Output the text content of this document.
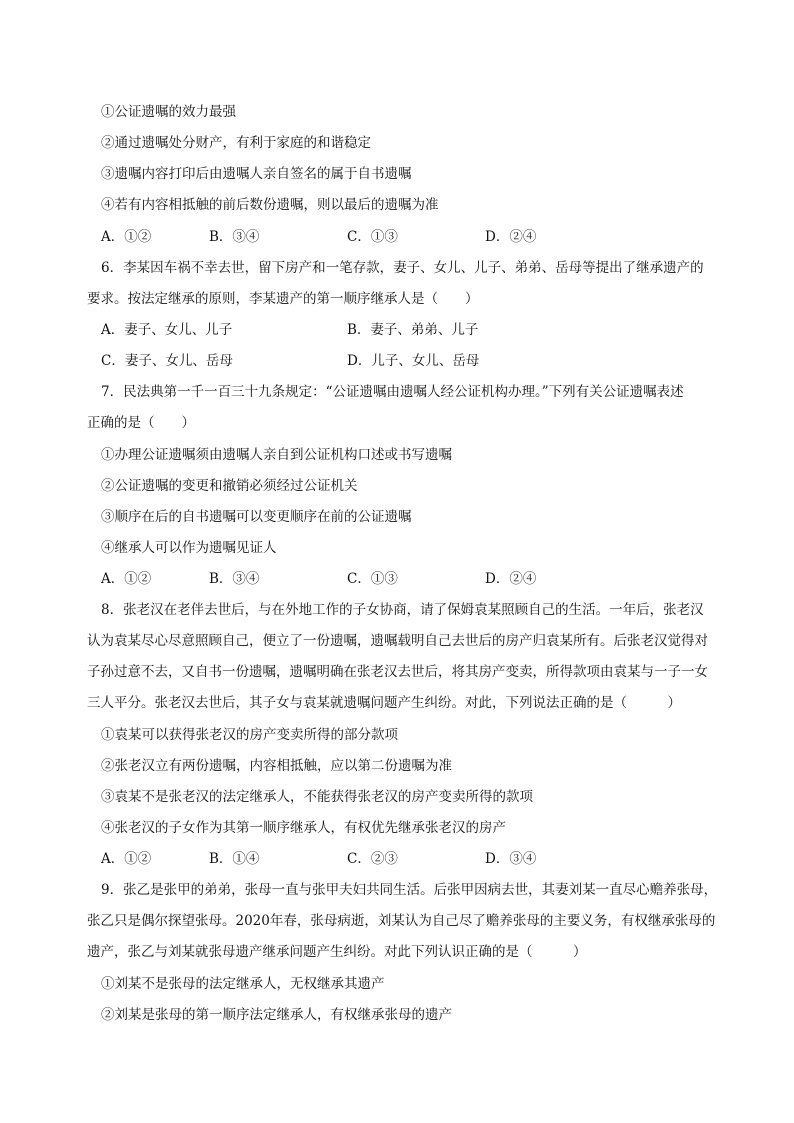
①公证遗嘱的效力最强
②通过遗嘱处分财产，有利于家庭的和谐稳定
③遗嘱内容打印后由遗嘱人亲自签名的属于自书遗嘱
④若有内容相抵触的前后数份遗嘱，则以最后的遗嘱为准
A．①②	B．③④	C．①③	D．②④
6．李某因车祸不幸去世，留下房产和一笔存款，妻子、女儿、儿子、弟弟、岳母等提出了继承遗产的
要求。按法定继承的原则，李某遗产的第一顺序继承人是（　　）
A．妻子、女儿、儿子	B．妻子、弟弟、儿子
C．妻子、女儿、岳母	D．儿子、女儿、岳母
7．民法典第一千一百三十九条规定：“公证遗嘱由遗嘱人经公证机构办理。”下列有关公证遗嘱表述
正确的是（　　）
①办理公证遗嘱须由遗嘱人亲自到公证机构口述或书写遗嘱
②公证遗嘱的变更和撤销必须经过公证机关
③顺序在后的自书遗嘱可以变更顺序在前的公证遗嘱
④继承人可以作为遗嘱见证人
A．①②	B．③④	C．①③	D．②④
8．张老汉在老伴去世后，与在外地工作的子女协商，请了保姆袁某照顾自己的生活。一年后，张老汉
认为袁某尽心尽意照顾自己，便立了一份遗嘱，遗嘱载明自己去世后的房产归袁某所有。后张老汉觉得对
子孙过意不去，又自书一份遗嘱，遗嘱明确在张老汉去世后，将其房产变卖，所得款项由袁某与一子一女
三人平分。张老汉去世后，其子女与袁某就遗嘱问题产生纠纷。对此，下列说法正确的是（　　　）
①袁某可以获得张老汉的房产变卖所得的部分款项
②张老汉立有两份遗嘱，内容相抵触，应以第二份遗嘱为准
③袁某不是张老汉的法定继承人，不能获得张老汉的房产变卖所得的款项
④张老汉的子女作为其第一顺序继承人，有权优先继承张老汉的房产
A．①②	B．①④	C．②③	D．③④
9．张乙是张甲的弟弟，张母一直与张甲夫妇共同生活。后张甲因病去世，其妻刘某一直尽心赡养张母，
张乙只是偶尔探望张母。2020年春，张母病逝，刘某认为自己尽了赡养张母的主要义务，有权继承张母的
遗产，张乙与刘某就张母遗产继承问题产生纠纷。对此下列认识正确的是（　　　）
①刘某不是张母的法定继承人，无权继承其遗产
②刘某是张母的第一顺序法定继承人，有权继承张母的遗产
